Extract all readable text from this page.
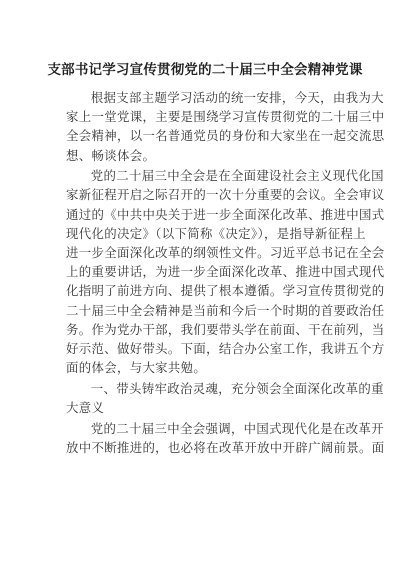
支部书记学习宣传贯彻党的二十届三中全会精神党课

根据支部主题学习活动的统一安排，今天，由我为大
家上一堂党课，主要是围绕学习宣传贯彻党的二十届三中
全会精神，以一名普通党员的身份和大家坐在一起交流思
想、畅谈体会。

党的二十届三中全会是在全面建设社会主义现代化国
家新征程开启之际召开的一次十分重要的会议。全会审议
通过的《中共中央关于进一步全面深化改革、推进中国式
现代化的决定》（以下简称《决定》），是指导新征程上
进一步全面深化改革的纲领性文件。习近平总书记在全会
上的重要讲话，为进一步全面深化改革、推进中国式现代
化指明了前进方向、提供了根本遵循。学习宣传贯彻党的
二十届三中全会精神是当前和今后一个时期的首要政治任
务。作为党办干部，我们要带头学在前面、干在前列，当
好示范、做好带头。下面，结合办公室工作，我讲五个方
面的体会，与大家共勉。

一、带头铸牢政治灵魂，充分领会全面深化改革的重
大意义

党的二十届三中全会强调，中国式现代化是在改革开
放中不断推进的，也必将在改革开放中开辟广阔前景。面
